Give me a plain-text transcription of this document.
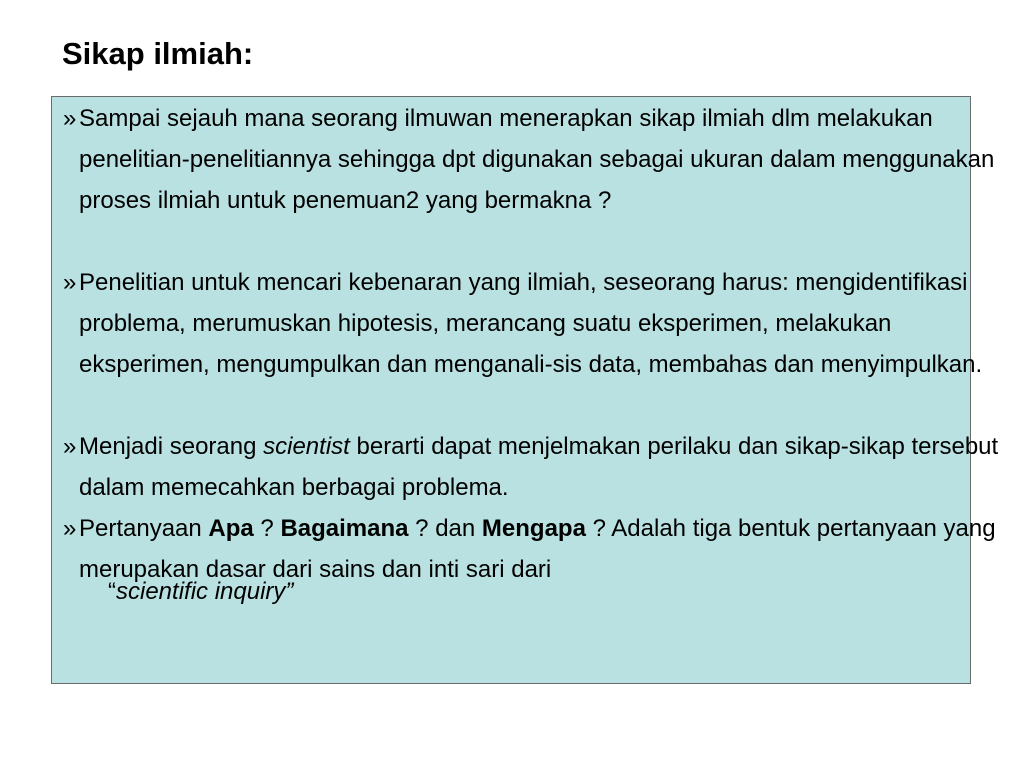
Sikap ilmiah:
» Sampai sejauh mana seorang ilmuwan menerapkan sikap ilmiah dlm melakukan penelitian-penelitiannya sehingga dpt digunakan sebagai ukuran dalam menggunakan proses ilmiah untuk penemuan2 yang bermakna ?
» Penelitian untuk mencari kebenaran yang ilmiah, seseorang harus: mengidentifikasi problema, merumuskan hipotesis, merancang suatu eksperimen, melakukan eksperimen, mengumpulkan dan menganali-sis data, membahas dan menyimpulkan.
» Menjadi seorang scientist berarti dapat menjelmakan perilaku dan sikap-sikap tersebut dalam memecahkan berbagai problema.
» Pertanyaan Apa ? Bagaimana ? dan Mengapa ? Adalah tiga bentuk pertanyaan yang merupakan dasar dari sains dan inti sari dari
“scientific inquiry”
